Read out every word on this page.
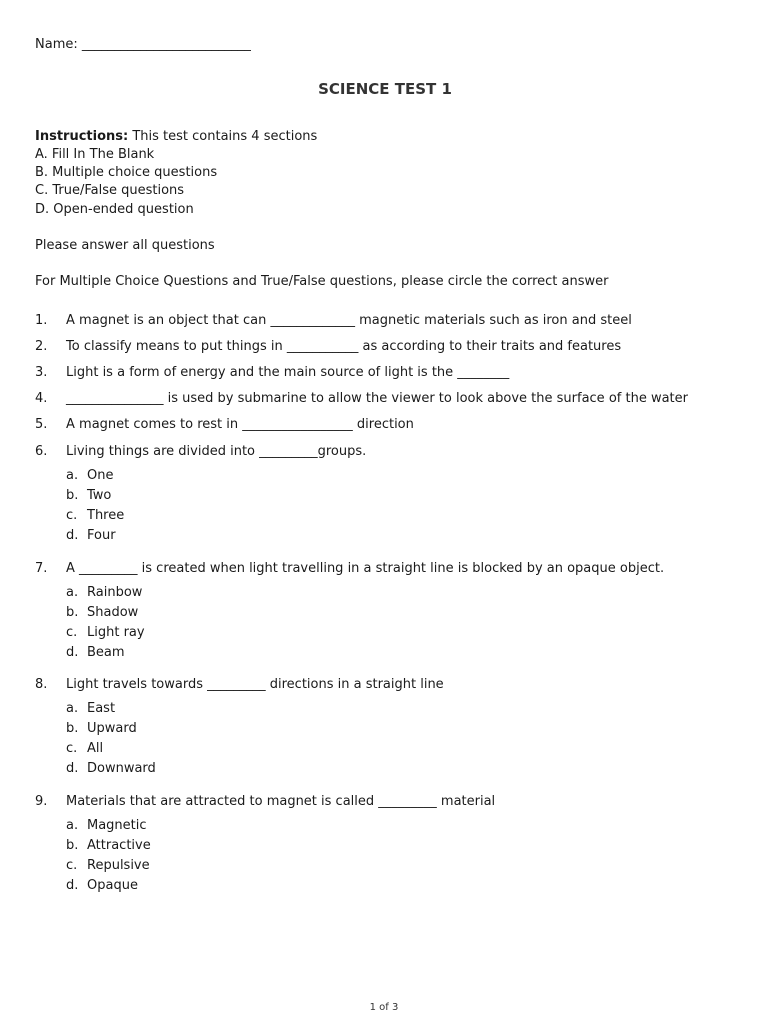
Name: __________________________
SCIENCE TEST 1
Instructions: This test contains 4 sections
A. Fill In The Blank
B. Multiple choice questions
C. True/False questions
D. Open-ended question
Please answer all questions
For Multiple Choice Questions and True/False questions, please circle the correct answer
1. A magnet is an object that can _____________ magnetic materials such as iron and steel
2. To classify means to put things in ___________ as according to their traits and features
3. Light is a form of energy and the main source of light is the ________
4. _______________ is used by submarine to allow the viewer to look above the surface of the water
5. A magnet comes to rest in _________________ direction
6. Living things are divided into _________groups.
a. One
b. Two
c. Three
d. Four
7. A _________ is created when light travelling in a straight line is blocked by an opaque object.
a. Rainbow
b. Shadow
c. Light ray
d. Beam
8. Light travels towards _________ directions in a straight line
a. East
b. Upward
c. All
d. Downward
9. Materials that are attracted to magnet is called _________ material
a. Magnetic
b. Attractive
c. Repulsive
d. Opaque
1 of 3
